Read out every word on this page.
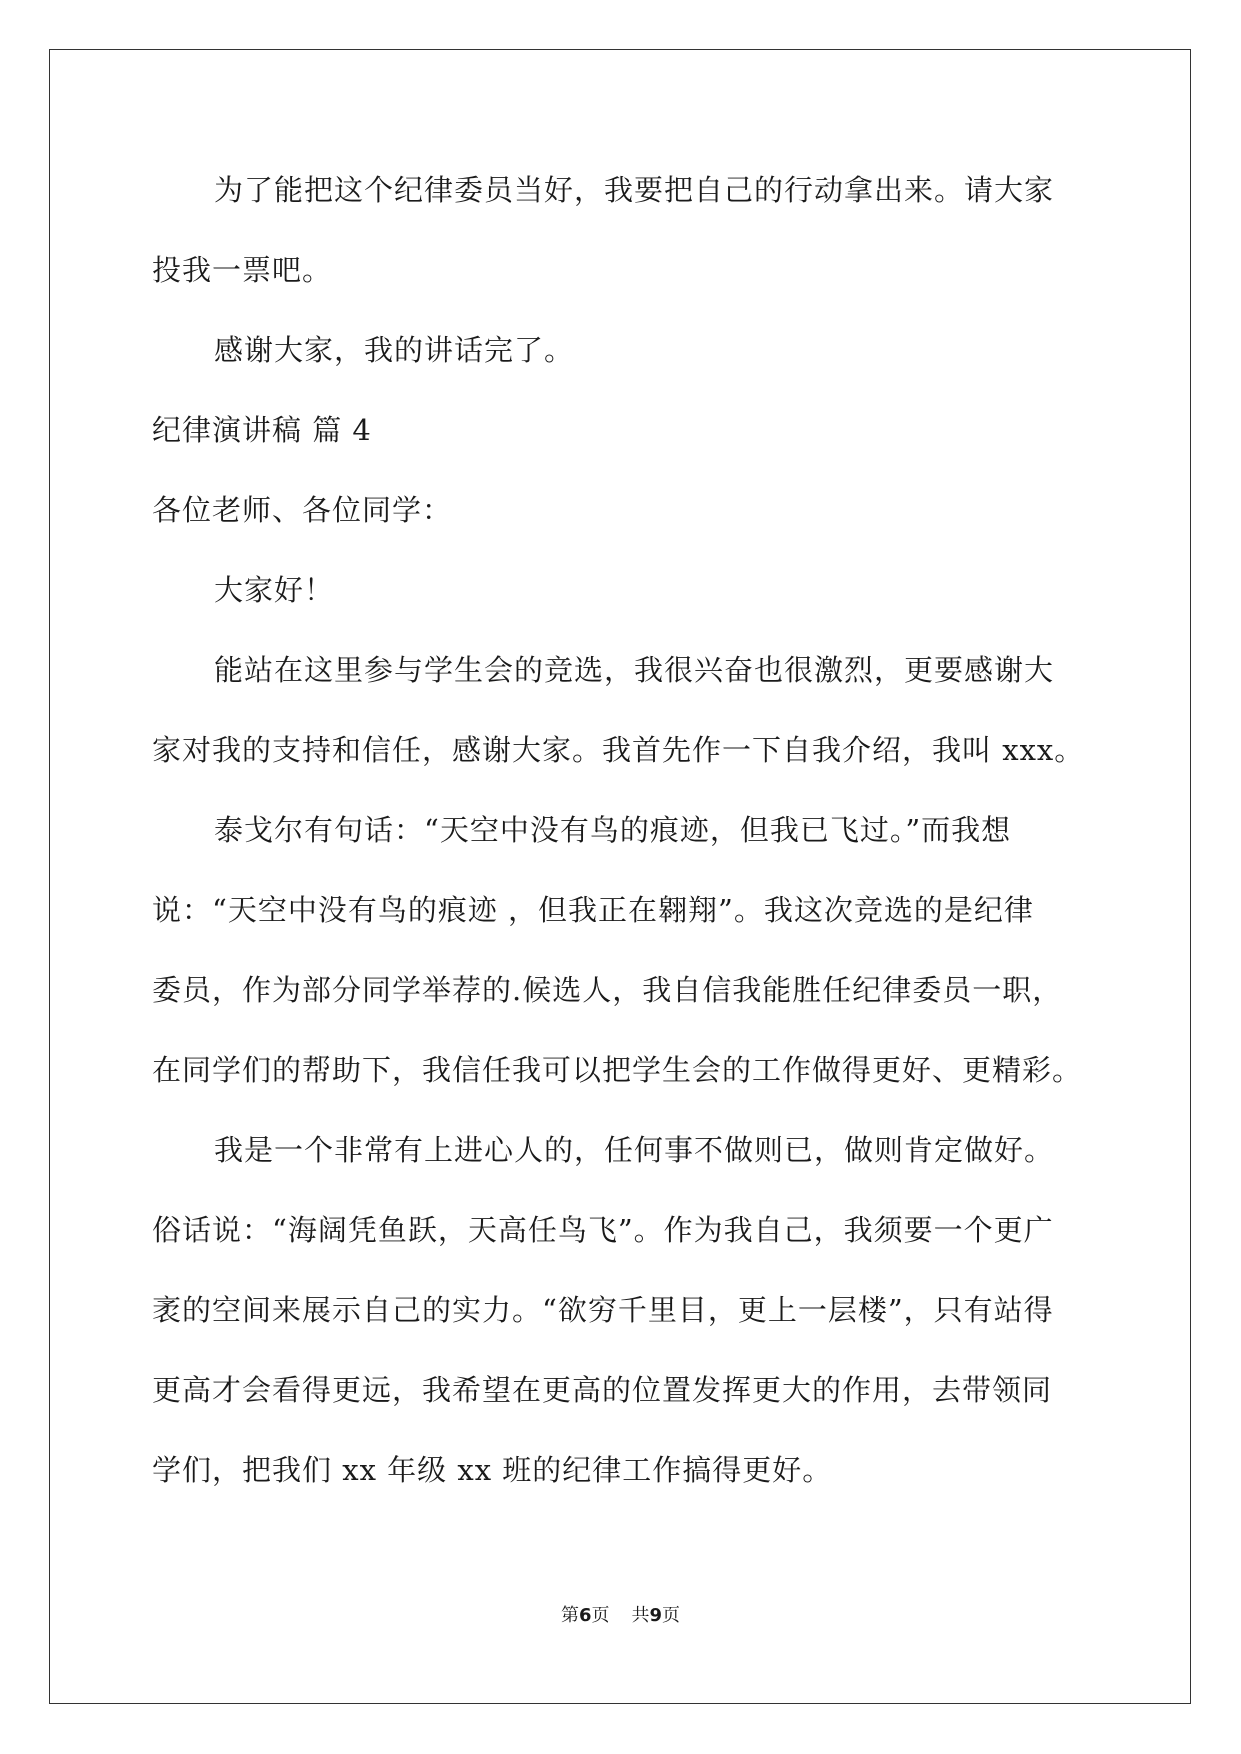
为了能把这个纪律委员当好，我要把自己的行动拿出来。请大家
投我一票吧。
感谢大家，我的讲话完了。
纪律演讲稿 篇 4
各位老师、各位同学：
大家好！
能站在这里参与学生会的竞选，我很兴奋也很激烈，更要感谢大
家对我的支持和信任，感谢大家。我首先作一下自我介绍，我叫 xxx。
泰戈尔有句话：“天空中没有鸟的痕迹，但我已飞过。”而我想
说：“天空中没有鸟的痕迹 ，但我正在翱翔”。我这次竞选的是纪律
委员，作为部分同学举荐的.候选人，我自信我能胜任纪律委员一职，
在同学们的帮助下，我信任我可以把学生会的工作做得更好、更精彩。
我是一个非常有上进心人的，任何事不做则已，做则肯定做好。
俗话说：“海阔凭鱼跃，天高任鸟飞”。作为我自己，我须要一个更广
袤的空间来展示自己的实力。“欲穷千里目，更上一层楼”，只有站得
更高才会看得更远，我希望在更高的位置发挥更大的作用，去带领同
学们，把我们 xx 年级 xx 班的纪律工作搞得更好。
第6页 共9页
